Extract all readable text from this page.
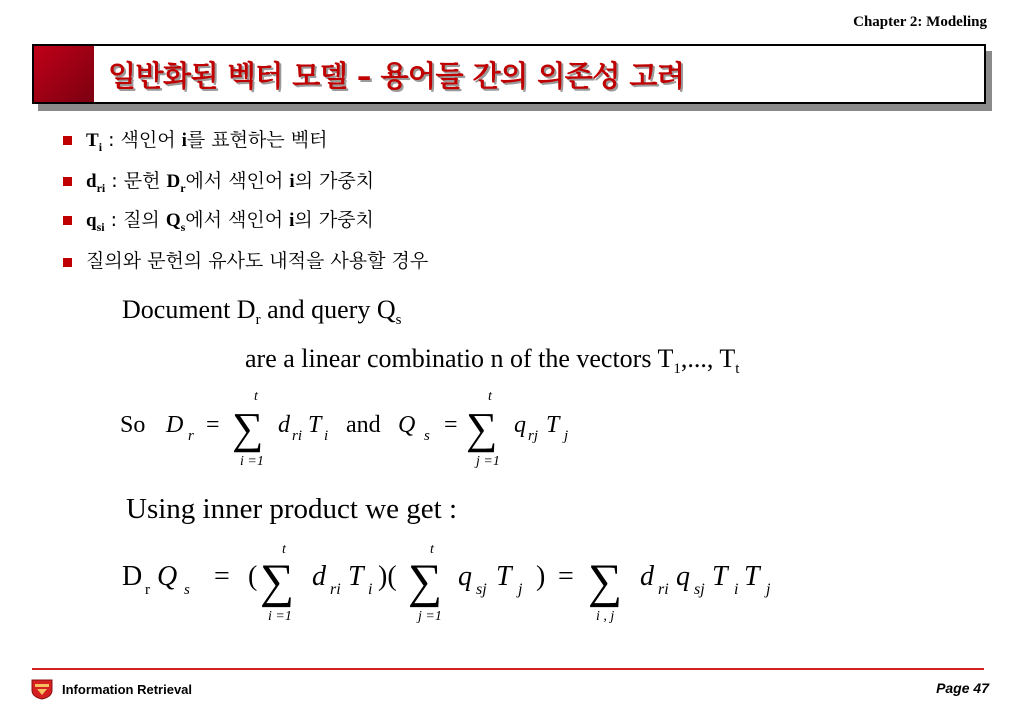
Chapter 2: Modeling
일반화된 벡터 모델 – 용어들 간의 의존성 고려
$T_i$ : 색인어 i를 표현하는 벡터
$d_{ri}$ : 문헌 $D_r$에서 색인어 i의 가중치
$q_{si}$ : 질의 $Q_s$에서 색인어 i의 가중치
질의와 문헌의 유사도 내적을 사용할 경우
Document $D_r$ and query $Q_s$
are a linear combinatio n of the vectors $T_1$,..., $T_t$
So D r =
t
∑
i =1
d ri T i and Q s =
t
∑
j =1
q rj T j
Using inner product we get :
D r Q s = (
t
∑
i =1
d ri T i )(
t
∑
j =1
q sj T j ) = ∑
i , j
d ri q sj T i T j
Information Retrieval	Page 47
